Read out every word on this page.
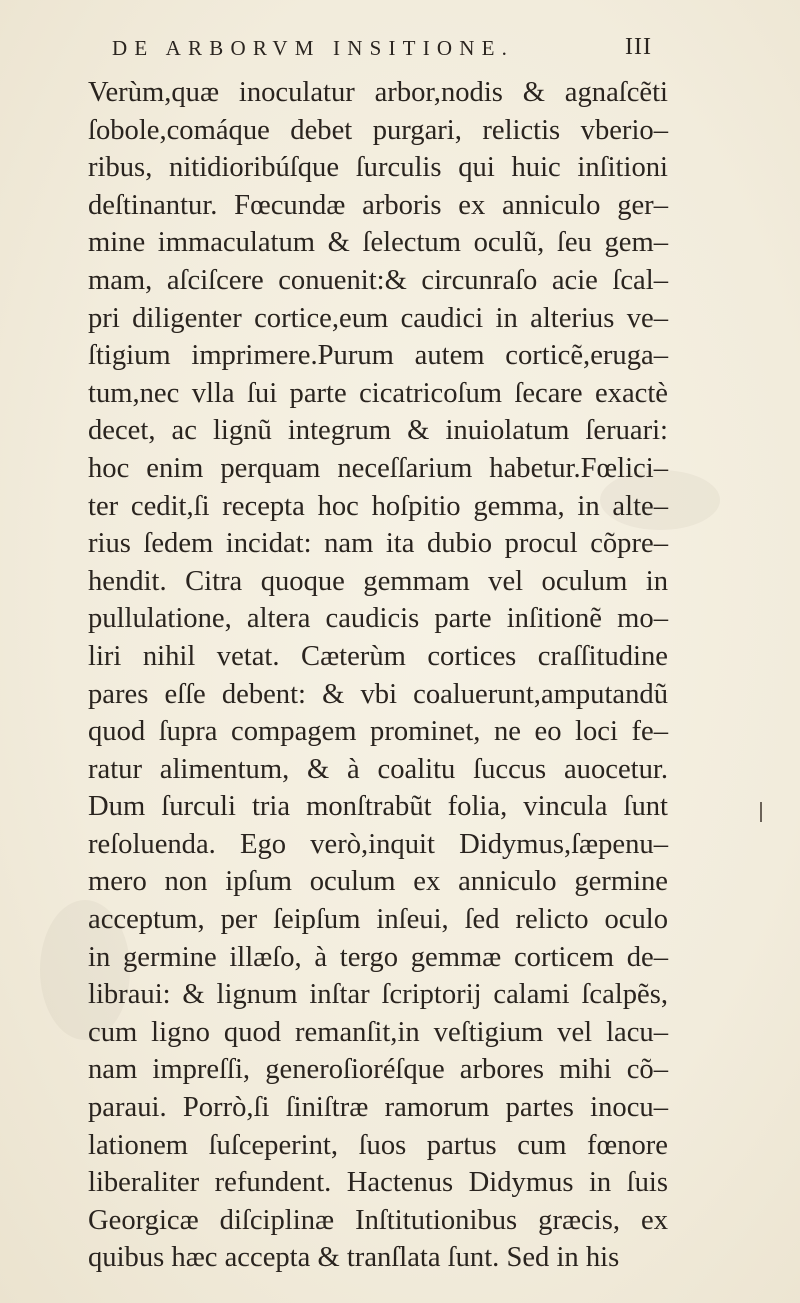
DE ARBORVM INSITIONE.	III
Verùm,quæ inoculatur arbor,nodis & agnaſcẽti
ſobole,comáque debet purgari, relictis vberio–
ribus, nitidioribúſque ſurculis qui huic inſitioni
deſtinantur. Fœcundæ arboris ex anniculo ger–
mine immaculatum & ſelectum oculũ, ſeu gem–
mam, aſciſcere conuenit:& circunraſo acie ſcal–
pri diligenter cortice,eum caudici in alterius ve–
ſtigium imprimere.Purum autem corticẽ,eruga–
tum,nec vlla ſui parte cicatricoſum ſecare exactè
decet, ac lignũ integrum & inuiolatum ſeruari:
hoc enim perquam neceſſarium habetur.Fœlici–
ter cedit,ſi recepta hoc hoſpitio gemma, in alte–
rius ſedem incidat: nam ita dubio procul cõpre–
hendit. Citra quoque gemmam vel oculum in
pullulatione, altera caudicis parte inſitionẽ mo–
liri nihil vetat. Cæterùm cortices craſſitudine
pares eſſe debent: & vbi coaluerunt,amputandũ
quod ſupra compagem prominet, ne eo loci fe–
ratur alimentum, & à coalitu ſuccus auocetur.
Dum ſurculi tria monſtrabũt folia, vincula ſunt
reſoluenda. Ego verò,inquit Didymus,ſæpenu–
mero non ipſum oculum ex anniculo germine
acceptum, per ſeipſum inſeui, ſed relicto oculo
in germine illæſo, à tergo gemmæ corticem de–
libraui: & lignum inſtar ſcriptorij calami ſcalpẽs,
cum ligno quod remanſit,in veſtigium vel lacu–
nam impreſſi, generoſioréſque arbores mihi cõ–
paraui. Porrò,ſi ſiniſtræ ramorum partes inocu–
lationem ſuſceperint, ſuos partus cum fœnore
liberaliter refundent. Hactenus Didymus in ſuis
Georgicæ diſciplinæ Inſtitutionibus græcis, ex
quibus hæc accepta & tranſlata ſunt. Sed in his
